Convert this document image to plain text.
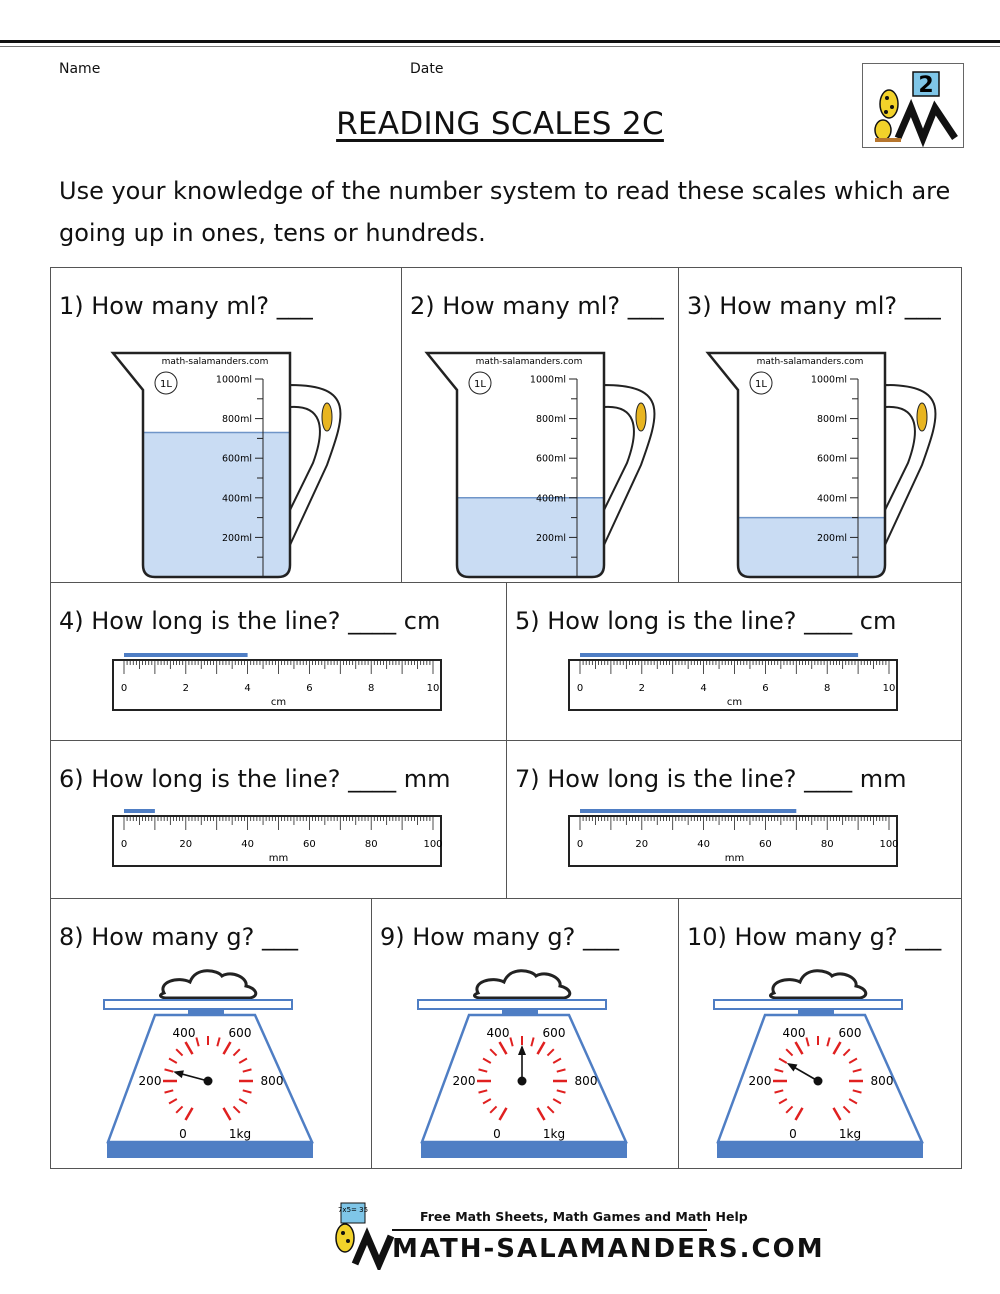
Name	Date
2
READING SCALES 2C
Use your knowledge of the number system to read these scales which are going up in ones, tens or hundreds.
1) How many ml? ___	2) How many ml? ___ 3) How many ml? ___
4) How long is the line? ____ cm	5) How long is the line? ____ cm
6) How long is the line? ____ mm	7) How long is the line? ____ mm
8) How many g? ___	9) How many g? ___	10) How many g? ___
math-salamanders.com
1L	1000ml
800ml
600ml
400ml
200ml
math-salamanders.com
1L	1000ml
800ml
600ml
400ml
200ml
math-salamanders.com
1L	1000ml
800ml
600ml
400ml
200ml
0	2	4	6	8	10
cm
0	2	4	6	8	10
cm
0	20	40	60	80	100
mm
0	20	40	60	80	100
mm
400	600
200	800
0	1kg
400	600
200	800
0	1kg
400	600
200	800
0	1kg
7x5= 35	Free Math Sheets, Math Games and Math Help
MATH-SALAMANDERS.COM
